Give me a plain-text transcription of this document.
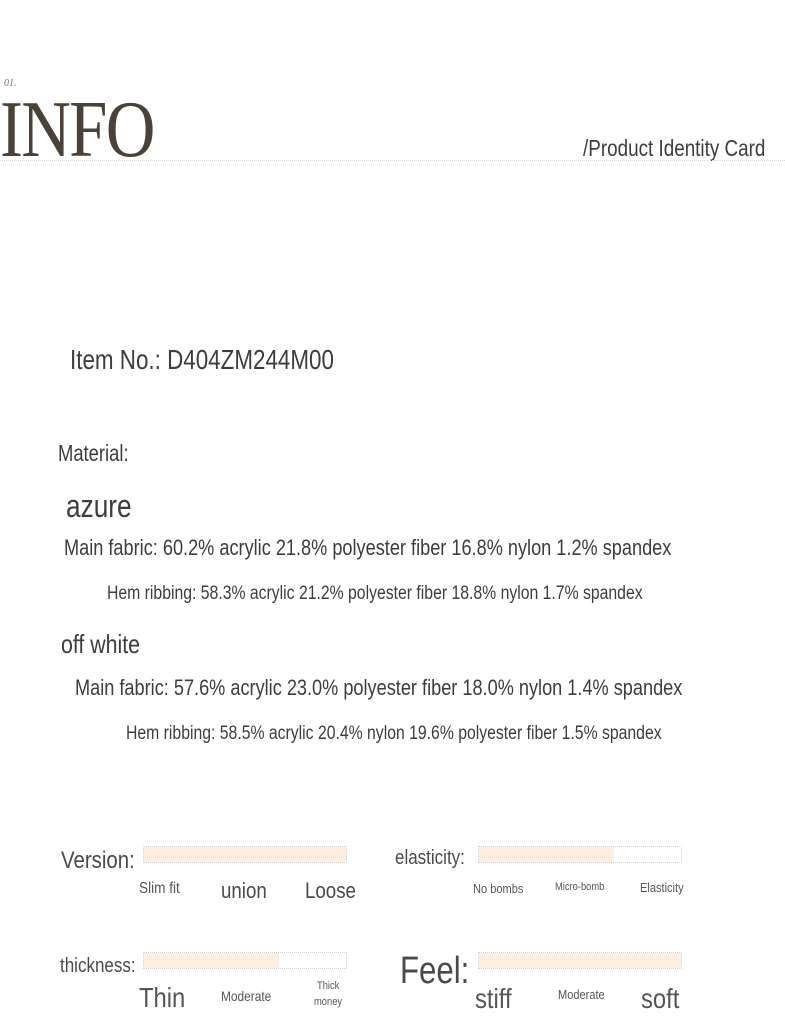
01.
INFO	/Product Identity Card
Item No.: D404ZM244M00
Material:
azure
Main fabric: 60.2% acrylic 21.8% polyester fiber 16.8% nylon 1.2% spandex
Hem ribbing: 58.3% acrylic 21.2% polyester fiber 18.8% nylon 1.7% spandex
off white
Main fabric: 57.6% acrylic 23.0% polyester fiber 18.0% nylon 1.4% spandex
Hem ribbing: 58.5% acrylic 20.4% nylon 19.6% polyester fiber 1.5% spandex
Version:
Slim fit union Loose
elasticity:
No bombs	Micro-bomb	Elasticity
thickness:
Thin	Moderate
Thick
money
Feel:
stiff	Moderate soft
